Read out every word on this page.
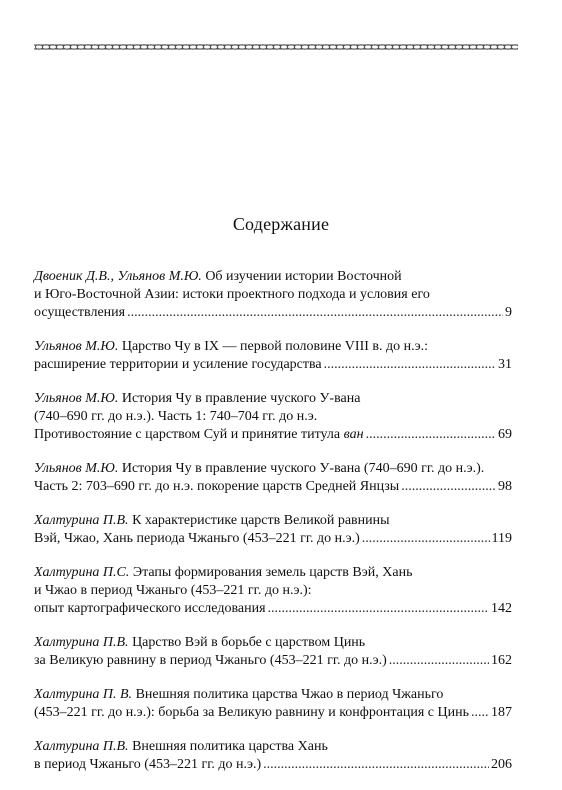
Содержание
Двоеник Д.В., Ульянов М.Ю. Об изучении истории Восточной
и Юго-Восточной Азии: истоки проектного подхода и условия его
осуществления .....	9
Ульянов М.Ю. Царство Чу в IX — первой половине VIII в. до н.э.:
расширение территории и усиление государства .....	31
Ульянов М.Ю. История Чу в правление чуского У-вана
(740–690 гг. до н.э.). Часть 1: 740–704 гг. до н.э.
Противостояние с царством Суй и принятие титула ван .....	69
Ульянов М.Ю. История Чу в правление чуского У-вана (740–690 гг. до н.э.).
Часть 2: 703–690 гг. до н.э. покорение царств Средней Янцзы .....	98
Халтурина П.В. К характеристике царств Великой равнины
Вэй, Чжао, Хань периода Чжаньго (453–221 гг. до н.э.) .....	119
Халтурина П.С. Этапы формирования земель царств Вэй, Хань
и Чжао в период Чжаньго (453–221 гг. до н.э.):
опыт картографического исследования .....	142
Халтурина П.В. Царство Вэй в борьбе с царством Цинь
за Великую равнину в период Чжаньго (453–221 гг. до н.э.) .....	162
Халтурина П. В. Внешняя политика царства Чжао в период Чжаньго
(453–221 гг. до н.э.): борьба за Великую равнину и конфронтация с Цинь ..... 187
Халтурина П.В. Внешняя политика царства Хань
в период Чжаньго (453–221 гг. до н.э.) .....	206
